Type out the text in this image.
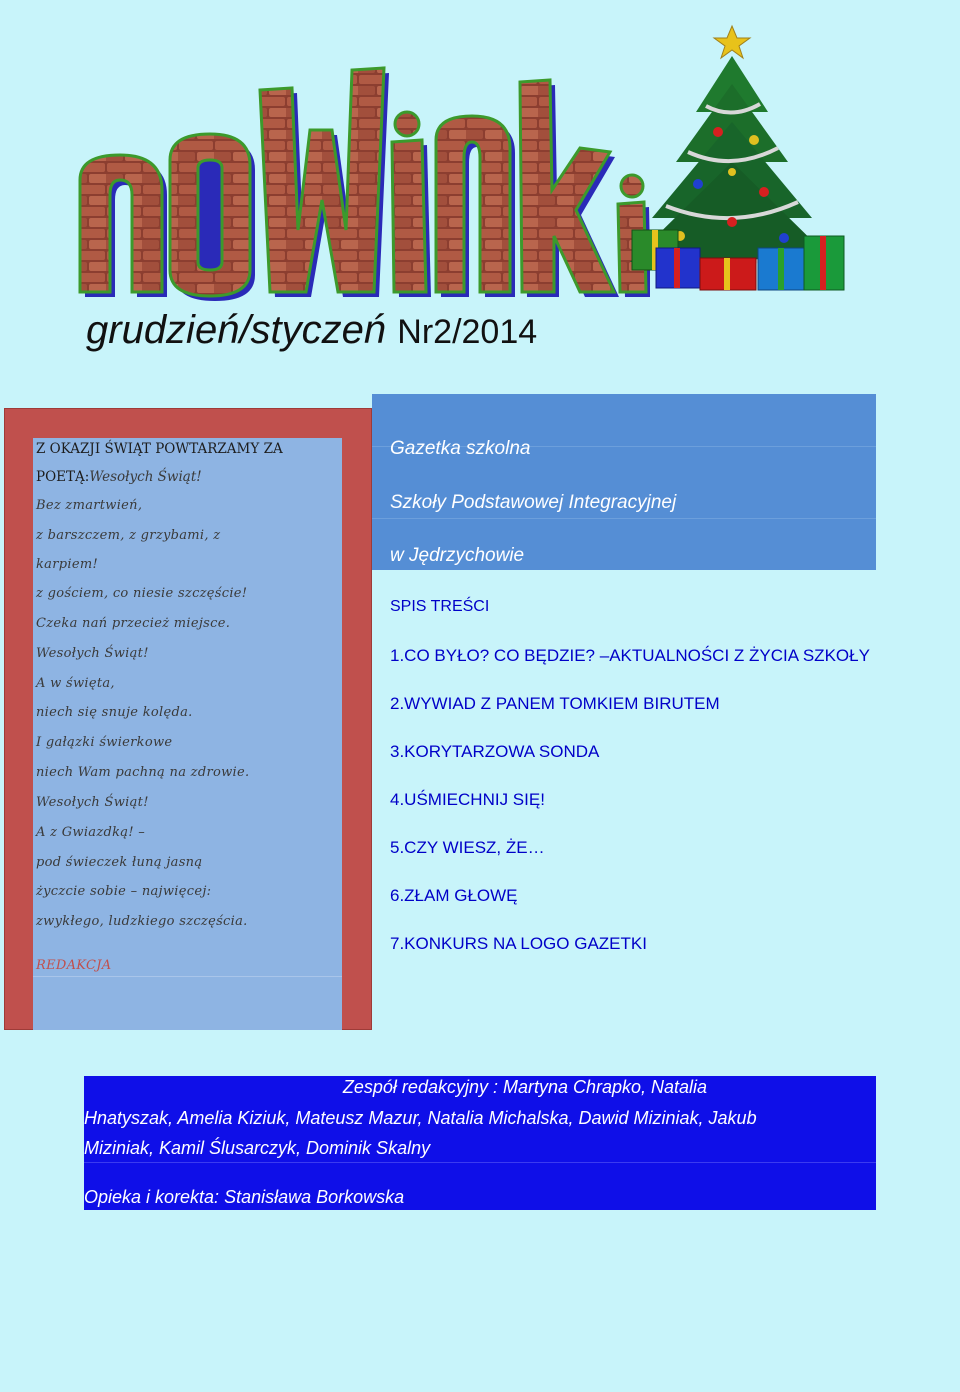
grudzień/styczeń Nr2/2014
Z OKAZJI ŚWIĄT POWTARZAMY ZA
POETĄ:Wesołych Świąt!
Bez zmartwień,
z barszczem, z grzybami, z
karpiem!
z gościem, co niesie szczęście!
Czeka nań przecież miejsce.
Wesołych Świąt!
A w święta,
niech się snuje kolęda.
I gałązki świerkowe
niech Wam pachną na zdrowie.
Wesołych Świąt!
A z Gwiazdką! –
pod świeczek łuną jasną
życzcie sobie – najwięcej:
zwykłego, ludzkiego szczęścia.
REDAKCJA
Gazetka szkolna
Szkoły Podstawowej Integracyjnej
w Jędrzychowie
SPIS TREŚCI
1.CO BYŁO? CO BĘDZIE? –AKTUALNOŚCI Z ŻYCIA SZKOŁY
2.WYWIAD Z PANEM TOMKIEM BIRUTEM
3.KORYTARZOWA SONDA
4.UŚMIECHNIJ SIĘ!
5.CZY WIESZ, ŻE…
6.ZŁAM GŁOWĘ
7.KONKURS NA LOGO GAZETKI
Zespół redakcyjny : Martyna Chrapko, Natalia
Hnatyszak, Amelia Kiziuk, Mateusz Mazur, Natalia Michalska, Dawid Miziniak, Jakub
Miziniak, Kamil Ślusarczyk, Dominik Skalny
Opieka i korekta: Stanisława Borkowska
